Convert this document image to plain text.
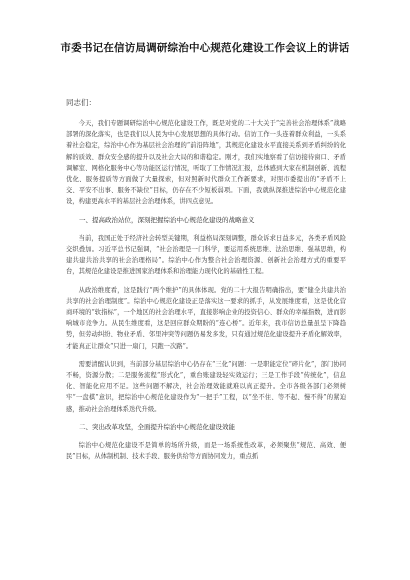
市委书记在信访局调研综治中心规范化建设工作会议上的讲话
同志们：

今天，我们专题调研综治中心规范化建设工作，既是对党的二十大关于“完善社会治理体系”战略部署的深化落实，也是我们以人民为中心发展思想的具体行动。信访工作一头连着群众利益，一头系着社会稳定，综治中心作为基层社会治理的“前沿阵地”，其规范化建设水平直接关系到矛盾纠纷的化解的质效、群众安全感的提升以及社会大局的和谐稳定。刚才，我们实地察看了信访接待窗口、矛盾调解室、网格化服务中心等功能区运行情况，听取了工作情况汇报，总体感到大家在机制创新、流程优化、服务提质等方面做了大量探索，但对照新时代群众工作新要求，对照市委提出的“矛盾不上交、平安不出事、服务不缺位”目标，仍存在不少短板弱项。下面，我就纵深推进综治中心规范化建设，构建更高水平的基层社会治理体系，讲四点意见。

一、提高政治站位，深刻把握综治中心规范化建设的战略意义

当前，我国正处于经济社会转型关键期，利益格局深刻调整，群众诉求日益多元，各类矛盾风险交织叠加。习近平总书记强调，“社会治理是一门科学，要运用系统思维、法治思维、强基思维，构建共建共治共享的社会治理格局”。综治中心作为整合社会治理资源、创新社会治理方式的重要平台，其规范化建设是推进国家治理体系和治理能力现代化的基础性工程。

从政治维度看，这是践行“两个维护”的具体体现。党的二十大报告明确指出，要“健全共建共治共享的社会治理制度”。综治中心规范化建设正是落实这一要求的抓手，从发展维度看，这是优化营商环境的“软指标”，一个地区的社会治理水平，直接影响企业的投资信心、群众的幸福指数，进而影响城市竞争力。从民生维度看，这是回应群众期盼的“连心桥”。近年来，我市信访总量虽呈下降趋势，但劳动纠纷、物业矛盾、邻里冲突等问题仍易发多发，只有通过规范化建设提升矛盾化解效率，才能真正让群众“只进一扇门，只跑一次路”。

需要清醒认识到，当前部分基层综治中心仍存在“三化”问题：一是职能定位“碎片化”，部门协同不畅，资源分散；二是服务流程“形式化”，重台账建设轻实效运行；三是工作手段“传统化”，信息化、智能化应用不足。这些问题不解决，社会治理效能就难以真正提升。全市各级各部门必须树牢“一盘棋”意识，把综治中心规范化建设作为“一把手”工程，以“坐不住、等不起、慢不得”的紧迫感，推动社会治理体系迭代升级。

二、突出改革攻坚，全面提升综治中心规范化建设效能

综治中心规范化建设不是简单的场所升级，而是一场系统性改革，必须聚焦“规范、高效、便民”目标，从体制机制、技术手段、服务供给等方面协同发力，重点抓
